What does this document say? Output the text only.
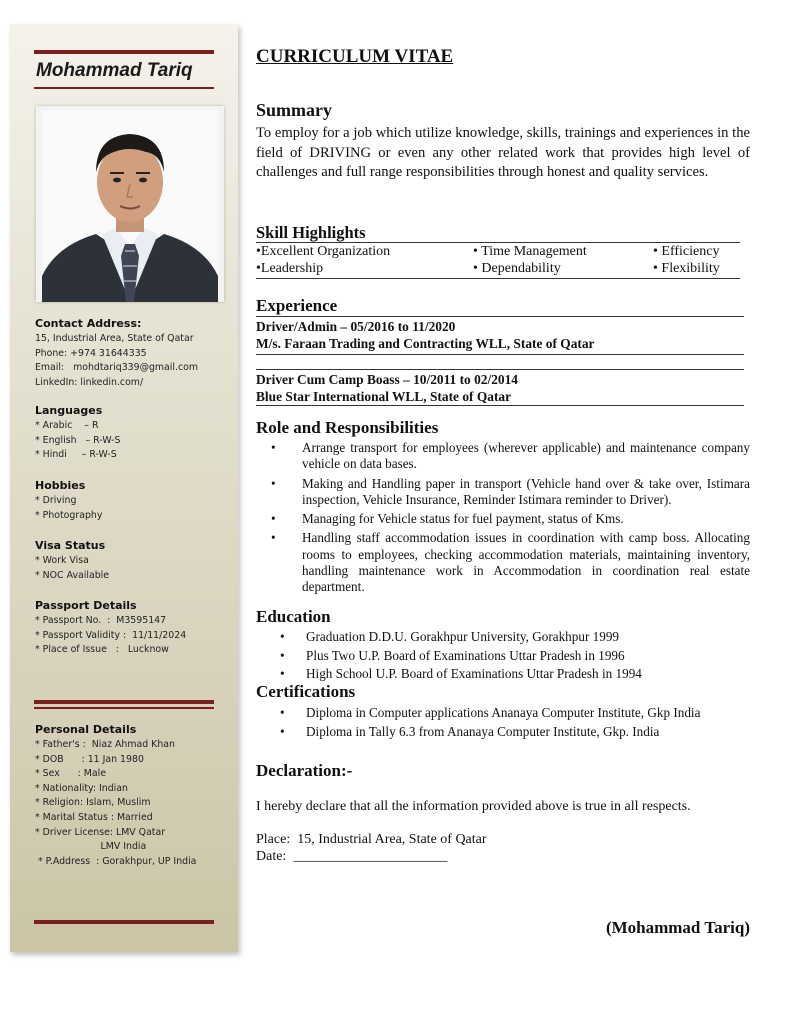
Mohammad Tariq
Contact Address:
15, Industrial Area, State of Qatar
Phone: +974 31644335
Email:   mohdtariq339@gmail.com
LinkedIn: linkedin.com/
Languages
* Arabic    – R
* English   – R-W-S
* Hindi     – R-W-S
Hobbies
* Driving
* Photography
Visa Status
* Work Visa
* NOC Available
Passport Details
* Passport No.  :  M3595147
* Passport Validity :  11/11/2024
* Place of Issue   :   Lucknow
Personal Details
* Father's :  Niaz Ahmad Khan
* DOB      : 11 Jan 1980
* Sex      : Male
* Nationality: Indian
* Religion: Islam, Muslim
* Marital Status : Married
* Driver License: LMV Qatar
LMV India
* P.Address  : Gorakhpur, UP India
CURRICULUM VITAE
Summary
To employ for a job which utilize knowledge, skills, trainings and experiences in the field of DRIVING or even any other related work that provides high level of challenges and full range responsibilities through honest and quality services.
Skill Highlights
•Excellent Organization	• Time Management	• Efficiency
•Leadership	• Dependability	• Flexibility
Experience
Driver/Admin – 05/2016 to 11/2020
M/s. Faraan Trading and Contracting WLL, State of Qatar
Driver Cum Camp Boass – 10/2011 to 02/2014
Blue Star International WLL, State of Qatar
Role and Responsibilities
• Arrange transport for employees (wherever applicable) and maintenance company vehicle on data bases.
• Making and Handling paper in transport (Vehicle hand over & take over, Istimara inspection, Vehicle Insurance, Reminder Istimara reminder to Driver).
• Managing for Vehicle status for fuel payment, status of Kms.
• Handling staff accommodation issues in coordination with camp boss. Allocating rooms to employees, checking accommodation materials, maintaining inventory, handling maintenance work in Accommodation in coordination real estate department.
Education
• Graduation D.D.U. Gorakhpur University, Gorakhpur 1999
• Plus Two U.P. Board of Examinations Uttar Pradesh in 1996
• High School U.P. Board of Examinations Uttar Pradesh in 1994
Certifications
• Diploma in Computer applications Ananaya Computer Institute, Gkp India
• Diploma in Tally 6.3 from Ananaya Computer Institute, Gkp. India
Declaration:-
I hereby declare that all the information provided above is true in all respects.
Place:  15, Industrial Area, State of Qatar
Date:  ______________________
(Mohammad Tariq)
